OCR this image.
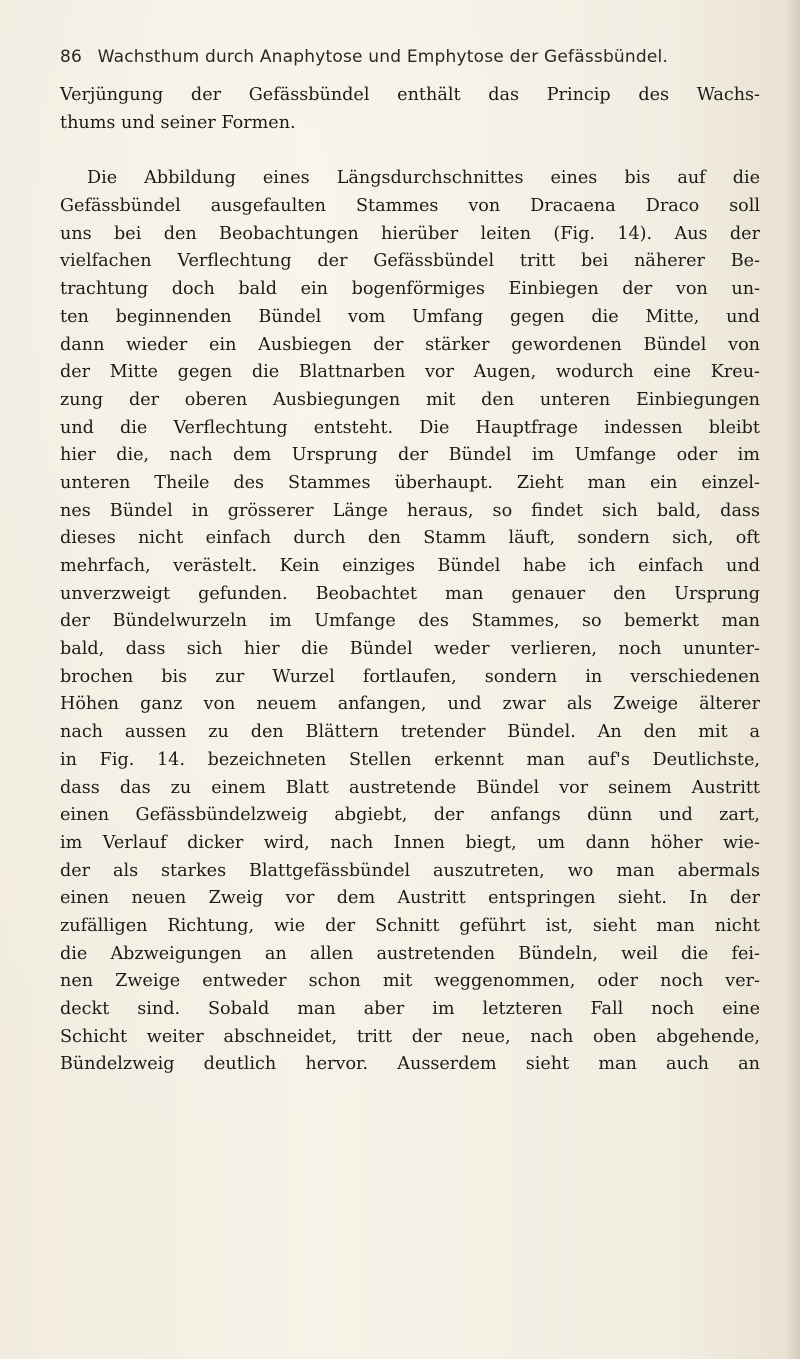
86 Wachsthum durch Anaphytose und Emphytose der Gefässbündel.
Verjüngung der Gefässbündel enthält das Princip des Wachs-
thums und seiner Formen.
Die Abbildung eines Längsdurchschnittes eines bis auf die
Gefässbündel ausgefaulten Stammes von Dracaena Draco soll
uns bei den Beobachtungen hierüber leiten (Fig. 14). Aus der
vielfachen Verflechtung der Gefässbündel tritt bei näherer Be-
trachtung doch bald ein bogenförmiges Einbiegen der von un-
ten beginnenden Bündel vom Umfang gegen die Mitte, und
dann wieder ein Ausbiegen der stärker gewordenen Bündel von
der Mitte gegen die Blattnarben vor Augen, wodurch eine Kreu-
zung der oberen Ausbiegungen mit den unteren Einbiegungen
und die Verflechtung entsteht. Die Hauptfrage indessen bleibt
hier die, nach dem Ursprung der Bündel im Umfange oder im
unteren Theile des Stammes überhaupt. Zieht man ein einzel-
nes Bündel in grösserer Länge heraus, so findet sich bald, dass
dieses nicht einfach durch den Stamm läuft, sondern sich, oft
mehrfach, verästelt. Kein einziges Bündel habe ich einfach und
unverzweigt gefunden. Beobachtet man genauer den Ursprung
der Bündelwurzeln im Umfange des Stammes, so bemerkt man
bald, dass sich hier die Bündel weder verlieren, noch ununter-
brochen bis zur Wurzel fortlaufen, sondern in verschiedenen
Höhen ganz von neuem anfangen, und zwar als Zweige älterer
nach aussen zu den Blättern tretender Bündel. An den mit a
in Fig. 14. bezeichneten Stellen erkennt man auf's Deutlichste,
dass das zu einem Blatt austretende Bündel vor seinem Austritt
einen Gefässbündelzweig abgiebt, der anfangs dünn und zart,
im Verlauf dicker wird, nach Innen biegt, um dann höher wie-
der als starkes Blattgefässbündel auszutreten, wo man abermals
einen neuen Zweig vor dem Austritt entspringen sieht. In der
zufälligen Richtung, wie der Schnitt geführt ist, sieht man nicht
die Abzweigungen an allen austretenden Bündeln, weil die fei-
nen Zweige entweder schon mit weggenommen, oder noch ver-
deckt sind. Sobald man aber im letzteren Fall noch eine
Schicht weiter abschneidet, tritt der neue, nach oben abgehende,
Bündelzweig deutlich hervor. Ausserdem sieht man auch an
